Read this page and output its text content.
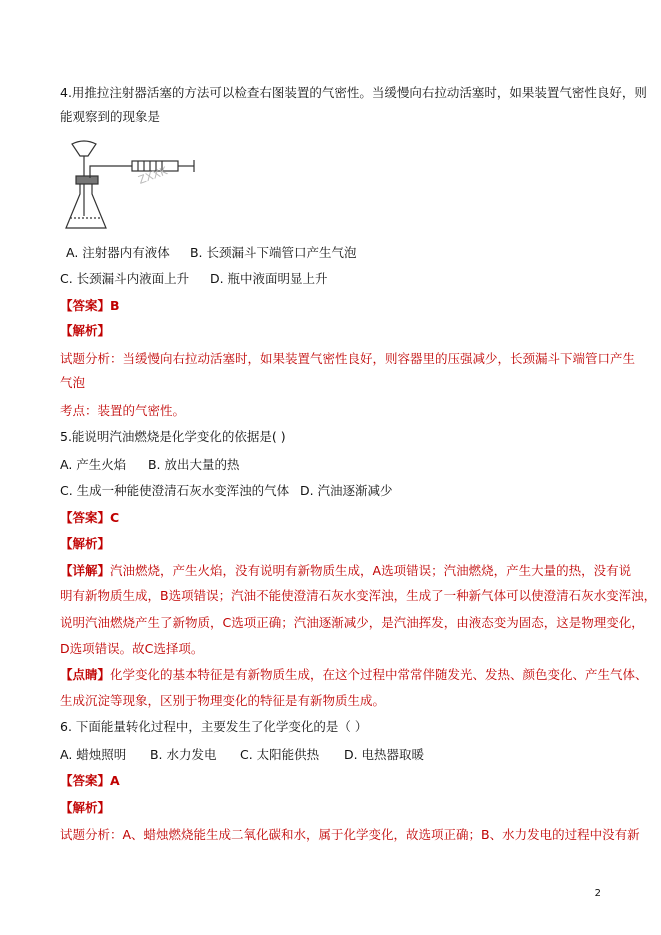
4.用推拉注射器活塞的方法可以检查右图装置的气密性。当缓慢向右拉动活塞时，如果装置气密性良好，则
能观察到的现象是
ZXXK
A. 注射器内有液体 B. 长颈漏斗下端管口产生气泡
C. 长颈漏斗内液面上升 D. 瓶中液面明显上升
【答案】B
【解析】
试题分析：当缓慢向右拉动活塞时，如果装置气密性良好，则容器里的压强减少，长颈漏斗下端管口产生
气泡
考点：装置的气密性。
5.能说明汽油燃烧是化学变化的依据是( )
A. 产生火焰 B. 放出大量的热
C. 生成一种能使澄清石灰水变浑浊的气体 D. 汽油逐渐减少
【答案】C
【解析】
【详解】汽油燃烧，产生火焰，没有说明有新物质生成，A选项错误；汽油燃烧，产生大量的热，没有说
明有新物质生成，B选项错误；汽油不能使澄清石灰水变浑浊，生成了一种新气体可以使澄清石灰水变浑浊，
说明汽油燃烧产生了新物质，C选项正确；汽油逐渐减少，是汽油挥发，由液态变为固态，这是物理变化，
D选项错误。故C选择项。
【点睛】化学变化的基本特征是有新物质生成，在这个过程中常常伴随发光、发热、颜色变化、产生气体、
生成沉淀等现象，区别于物理变化的特征是有新物质生成。
6. 下面能量转化过程中，主要发生了化学变化的是（ ）
A. 蜡烛照明 B. 水力发电 C. 太阳能供热 D. 电热器取暖
【答案】A
【解析】
试题分析：A、蜡烛燃烧能生成二氧化碳和水，属于化学变化，故选项正确；B、水力发电的过程中没有新
2
